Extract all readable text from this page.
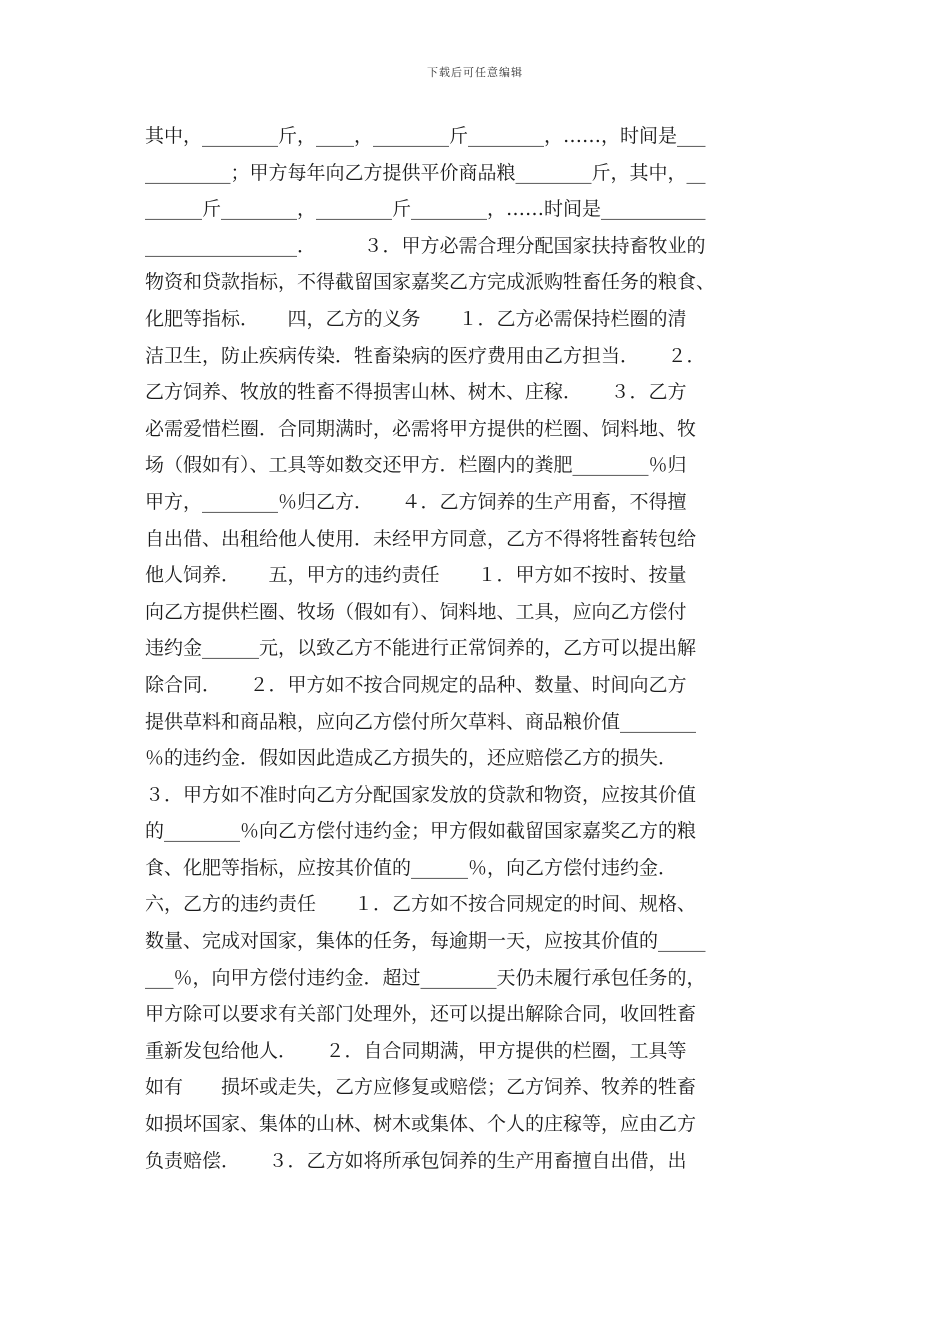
下载后可任意编辑
其中，________斤，____，________斤________，……，时间是___
_________；甲方每年向乙方提供平价商品粮________斤，其中，__
______斤________，________斤________，……时间是___________
________________．　　　３．甲方必需合理分配国家扶持畜牧业的
物资和贷款指标，不得截留国家嘉奖乙方完成派购牲畜任务的粮食、
化肥等指标．　　四，乙方的义务　　１．乙方必需保持栏圈的清
洁卫生，防止疾病传染．牲畜染病的医疗费用由乙方担当．　　２．
乙方饲养、牧放的牲畜不得损害山林、树木、庄稼．　　３．乙方
必需爱惜栏圈．合同期满时，必需将甲方提供的栏圈、饲料地、牧
场（假如有）、工具等如数交还甲方．栏圈内的粪肥________％归
甲方，________％归乙方．　　４．乙方饲养的生产用畜，不得擅
自出借、出租给他人使用．未经甲方同意，乙方不得将牲畜转包给
他人饲养．　　五，甲方的违约责任　　１．甲方如不按时、按量
向乙方提供栏圈、牧场（假如有）、饲料地、工具，应向乙方偿付
违约金______元，以致乙方不能进行正常饲养的，乙方可以提出解
除合同．　　２．甲方如不按合同规定的品种、数量、时间向乙方
提供草料和商品粮，应向乙方偿付所欠草料、商品粮价值________
％的违约金．假如因此造成乙方损失的，还应赔偿乙方的损失．
３．甲方如不准时向乙方分配国家发放的贷款和物资，应按其价值
的________％向乙方偿付违约金；甲方假如截留国家嘉奖乙方的粮
食、化肥等指标，应按其价值的______％，向乙方偿付违约金．
六，乙方的违约责任　　１．乙方如不按合同规定的时间、规格、
数量、完成对国家，集体的任务，每逾期一天，应按其价值的_____
___％，向甲方偿付违约金．超过________天仍未履行承包任务的，
甲方除可以要求有关部门处理外，还可以提出解除合同，收回牲畜
重新发包给他人．　　２．自合同期满，甲方提供的栏圈，工具等
如有　　损坏或走失，乙方应修复或赔偿；乙方饲养、牧养的牲畜
如损坏国家、集体的山林、树木或集体、个人的庄稼等，应由乙方
负责赔偿．　　３．乙方如将所承包饲养的生产用畜擅自出借，出
